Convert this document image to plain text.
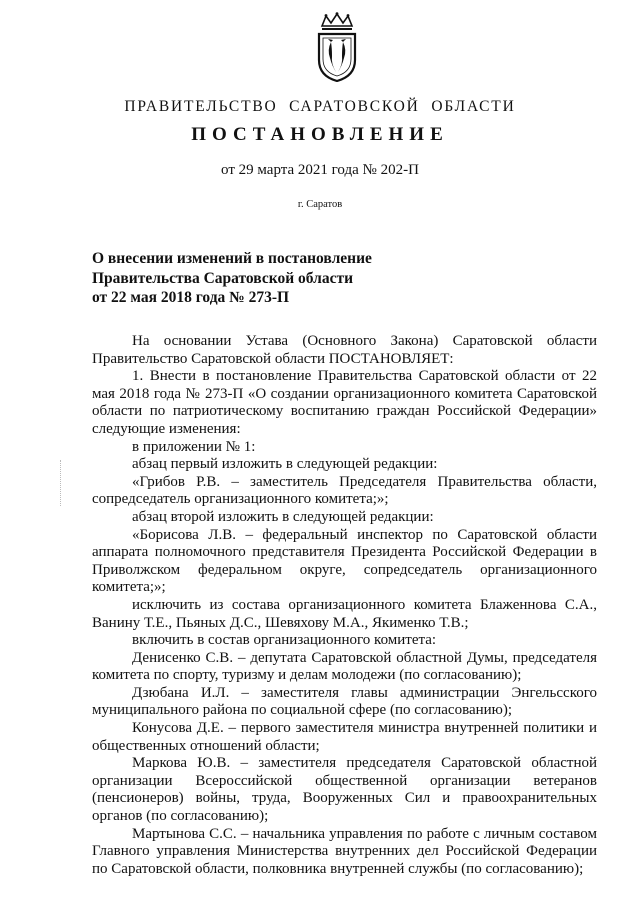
ПРАВИТЕЛЬСТВО САРАТОВСКОЙ ОБЛАСТИ
ПОСТАНОВЛЕНИЕ
от 29 марта 2021 года № 202-П
г. Саратов
О внесении изменений в постановление
Правительства Саратовской области
от 22 мая 2018 года № 273-П

На основании Устава (Основного Закона) Саратовской области Правительство Саратовской области ПОСТАНОВЛЯЕТ:

1. Внести в постановление Правительства Саратовской области от 22 мая 2018 года № 273-П «О создании организационного комитета Саратовской области по патриотическому воспитанию граждан Российской Федерации» следующие изменения:

в приложении № 1:

абзац первый изложить в следующей редакции:

«Грибов Р.В. – заместитель Председателя Правительства области, сопредседатель организационного комитета;»;

абзац второй изложить в следующей редакции:

«Борисова Л.В. – федеральный инспектор по Саратовской области аппарата полномочного представителя Президента Российской Федерации в Приволжском федеральном округе, сопредседатель организационного комитета;»;

исключить из состава организационного комитета Блаженнова С.А., Ванину Т.Е., Пьяных Д.С., Шевяхову М.А., Якименко Т.В.;

включить в состав организационного комитета:

Денисенко С.В. – депутата Саратовской областной Думы, председателя комитета по спорту, туризму и делам молодежи (по согласованию);

Дзюбана И.Л. – заместителя главы администрации Энгельсского муниципального района по социальной сфере (по согласованию);

Конусова Д.Е. – первого заместителя министра внутренней политики и общественных отношений области;

Маркова Ю.В. – заместителя председателя Саратовской областной организации Всероссийской общественной организации ветеранов (пенсионеров) войны, труда, Вооруженных Сил и правоохранительных органов (по согласованию);

Мартынова С.С. – начальника управления по работе с личным составом Главного управления Министерства внутренних дел Российской Федерации по Саратовской области, полковника внутренней службы (по согласованию);
